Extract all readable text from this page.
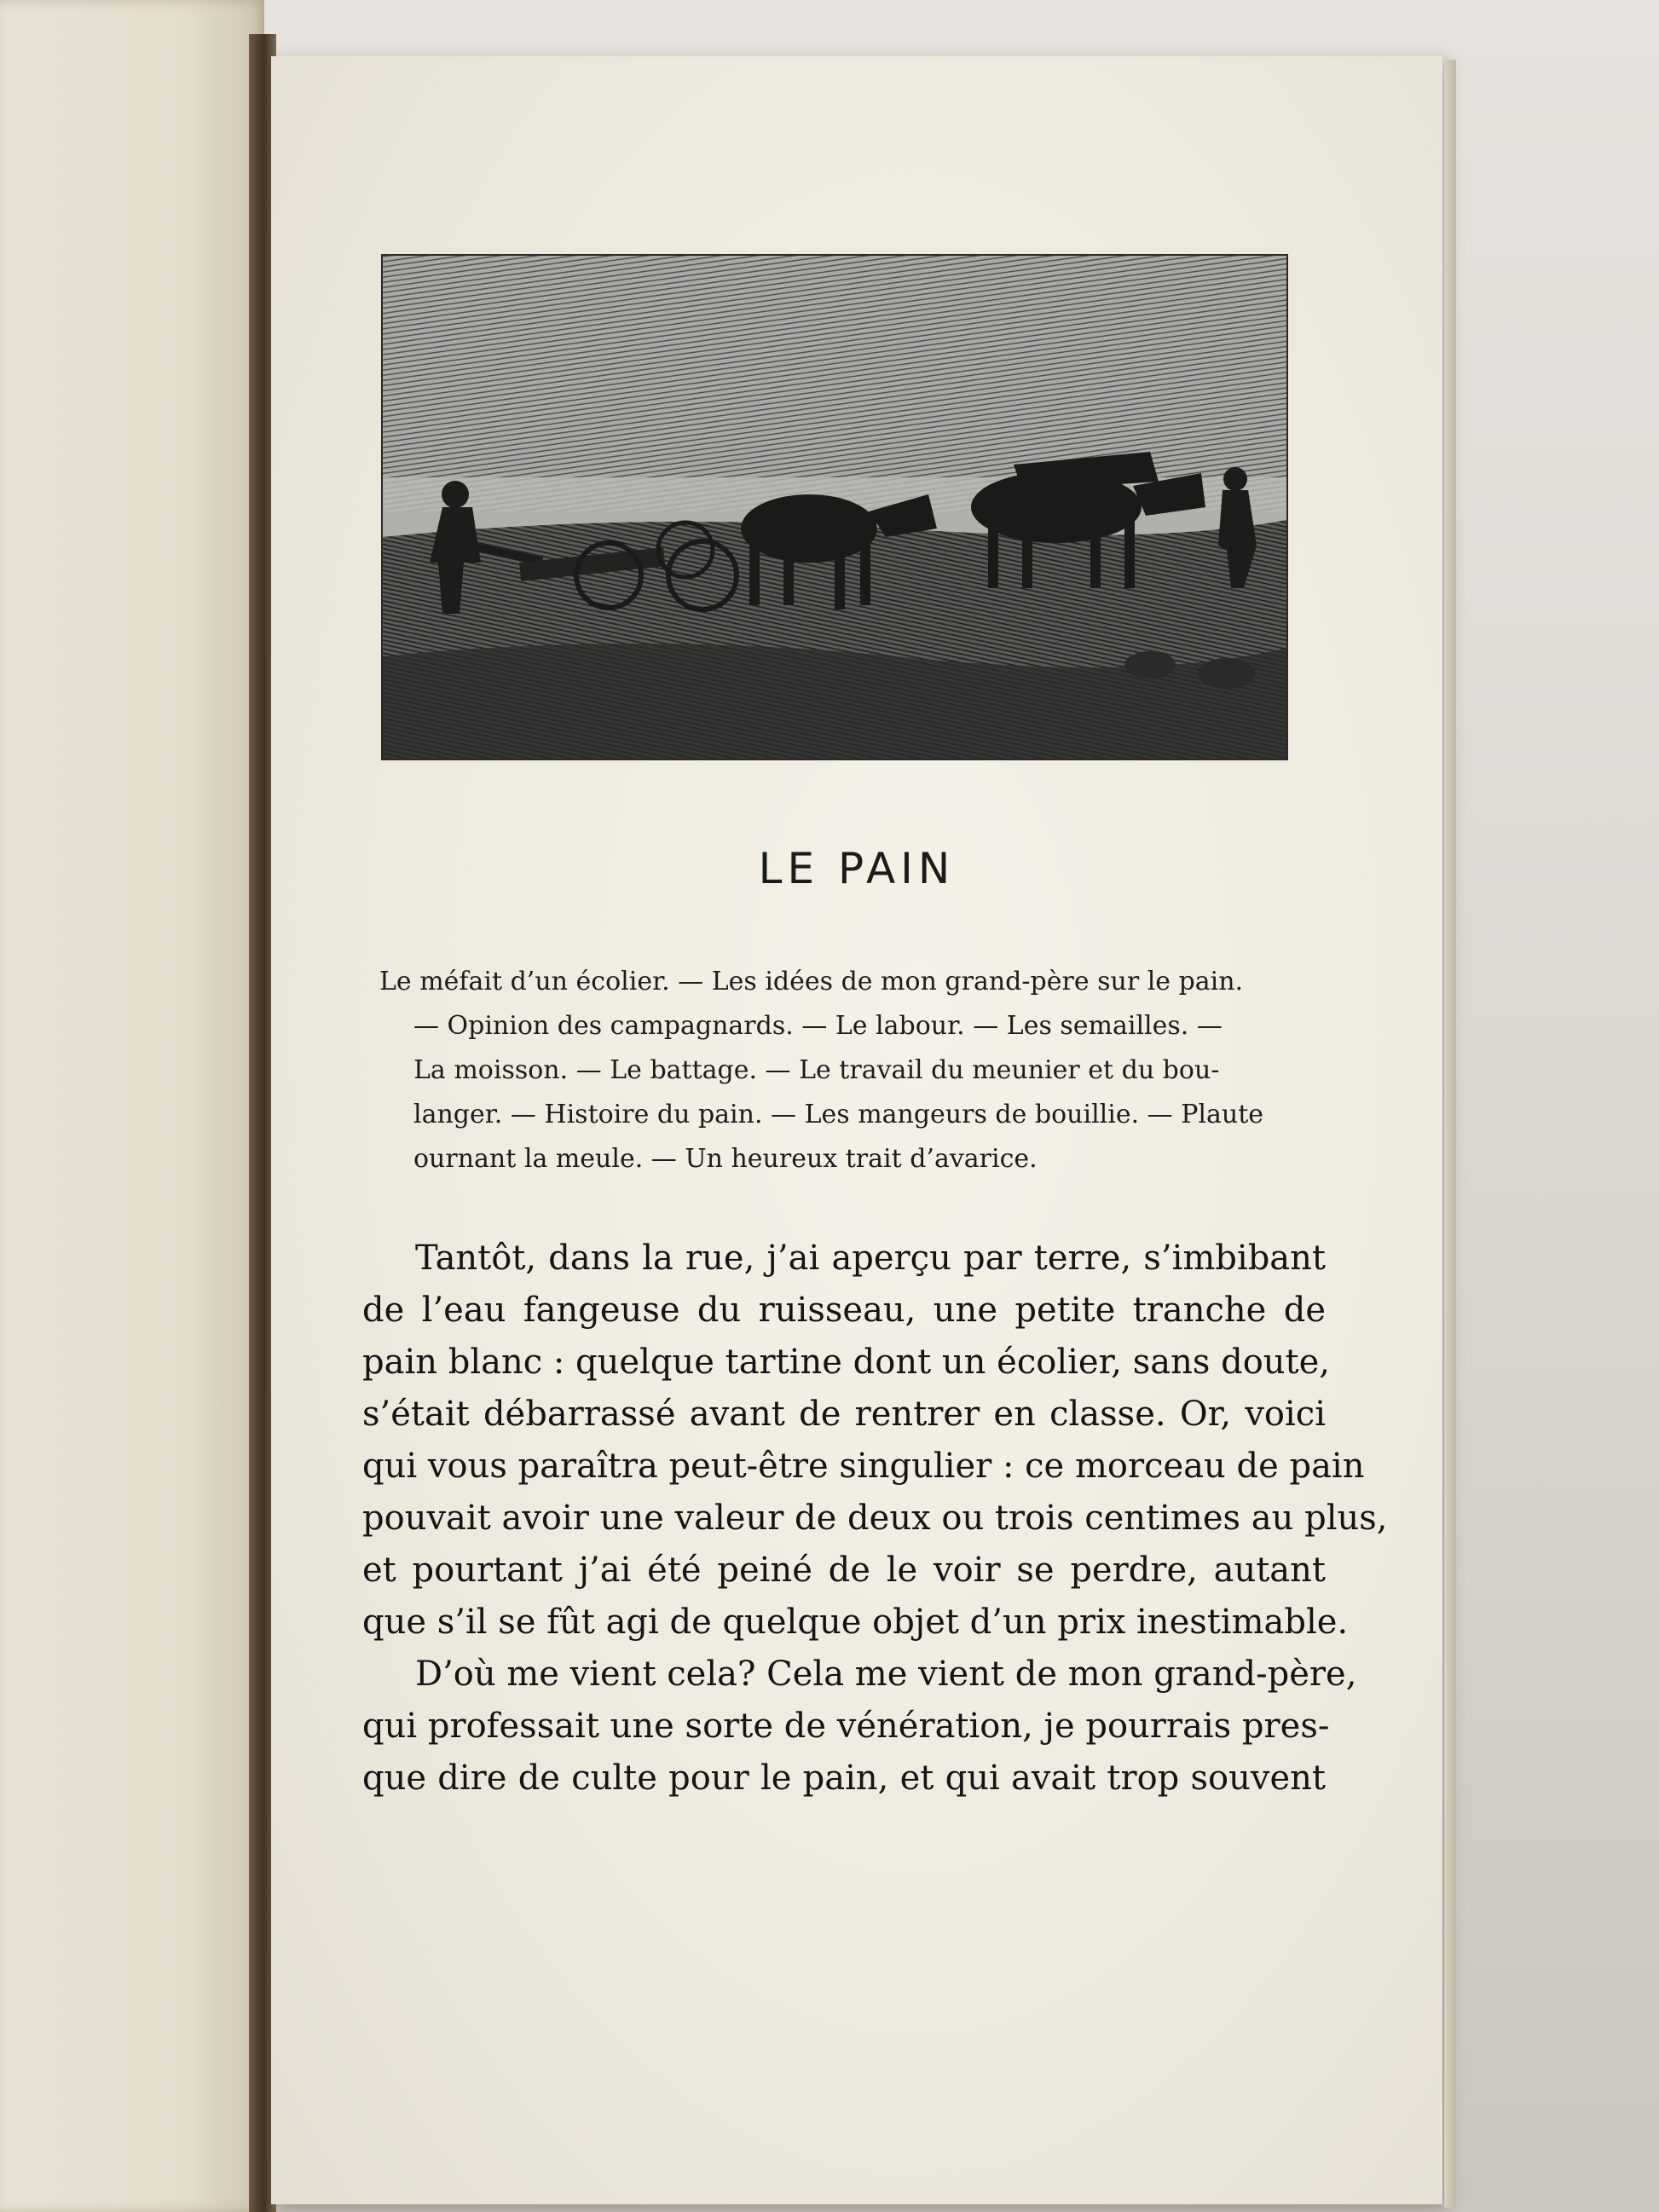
LE PAIN
Le méfait d’un écolier. — Les idées de mon grand-père sur le pain.
— Opinion des campagnards. — Le labour. — Les semailles. —
La moisson. — Le battage. — Le travail du meunier et du bou-
langer. — Histoire du pain. — Les mangeurs de bouillie. — Plaute
ournant la meule. — Un heureux trait d’avarice.
Tantôt, dans la rue, j’ai aperçu par terre, s’imbibant
de l’eau fangeuse du ruisseau, une petite tranche de
pain blanc : quelque tartine dont un écolier, sans doute,
s’était débarrassé avant de rentrer en classe. Or, voici
qui vous paraîtra peut-être singulier : ce morceau de pain
pouvait avoir une valeur de deux ou trois centimes au plus,
et pourtant j’ai été peiné de le voir se perdre, autant
que s’il se fût agi de quelque objet d’un prix inestimable.
D’où me vient cela? Cela me vient de mon grand-père,
qui professait une sorte de vénération, je pourrais pres-
que dire de culte pour le pain, et qui avait trop souvent
